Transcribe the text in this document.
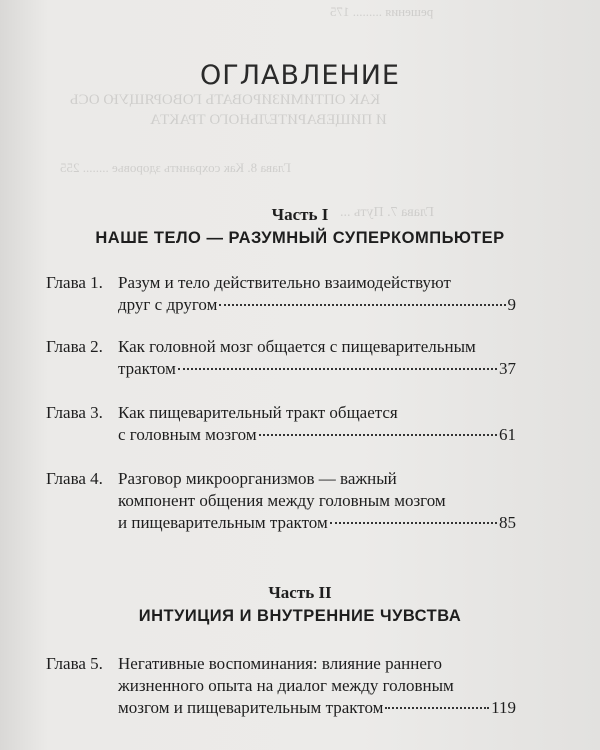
решения ......... 175
КАК ОПТИМИЗИРОВАТЬ ГОВОРЯЩУЮ ОСЬ
И ПИЩЕВАРИТЕЛЬНОГО ТРАКТА
Глава 8. Как сохранить здоровье ........ 255
Глава 7. Путь ...
ОГЛАВЛЕНИЕ
Часть I
НАШЕ ТЕЛО — РАЗУМНЫЙ СУПЕРКОМПЬЮТЕР
Глава 1. Разум и тело действительно взаимодействуют
друг с другом	9
Глава 2. Как головной мозг общается с пищеварительным
трактом	37
Глава 3. Как пищеварительный тракт общается
с головным мозгом	61
Глава 4. Разговор микроорганизмов — важный
компонент общения между головным мозгом
и пищеварительным трактом	85
Часть II
ИНТУИЦИЯ И ВНУТРЕННИЕ ЧУВСТВА
Глава 5. Негативные воспоминания: влияние раннего
жизненного опыта на диалог между головным
мозгом и пищеварительным трактом	119
